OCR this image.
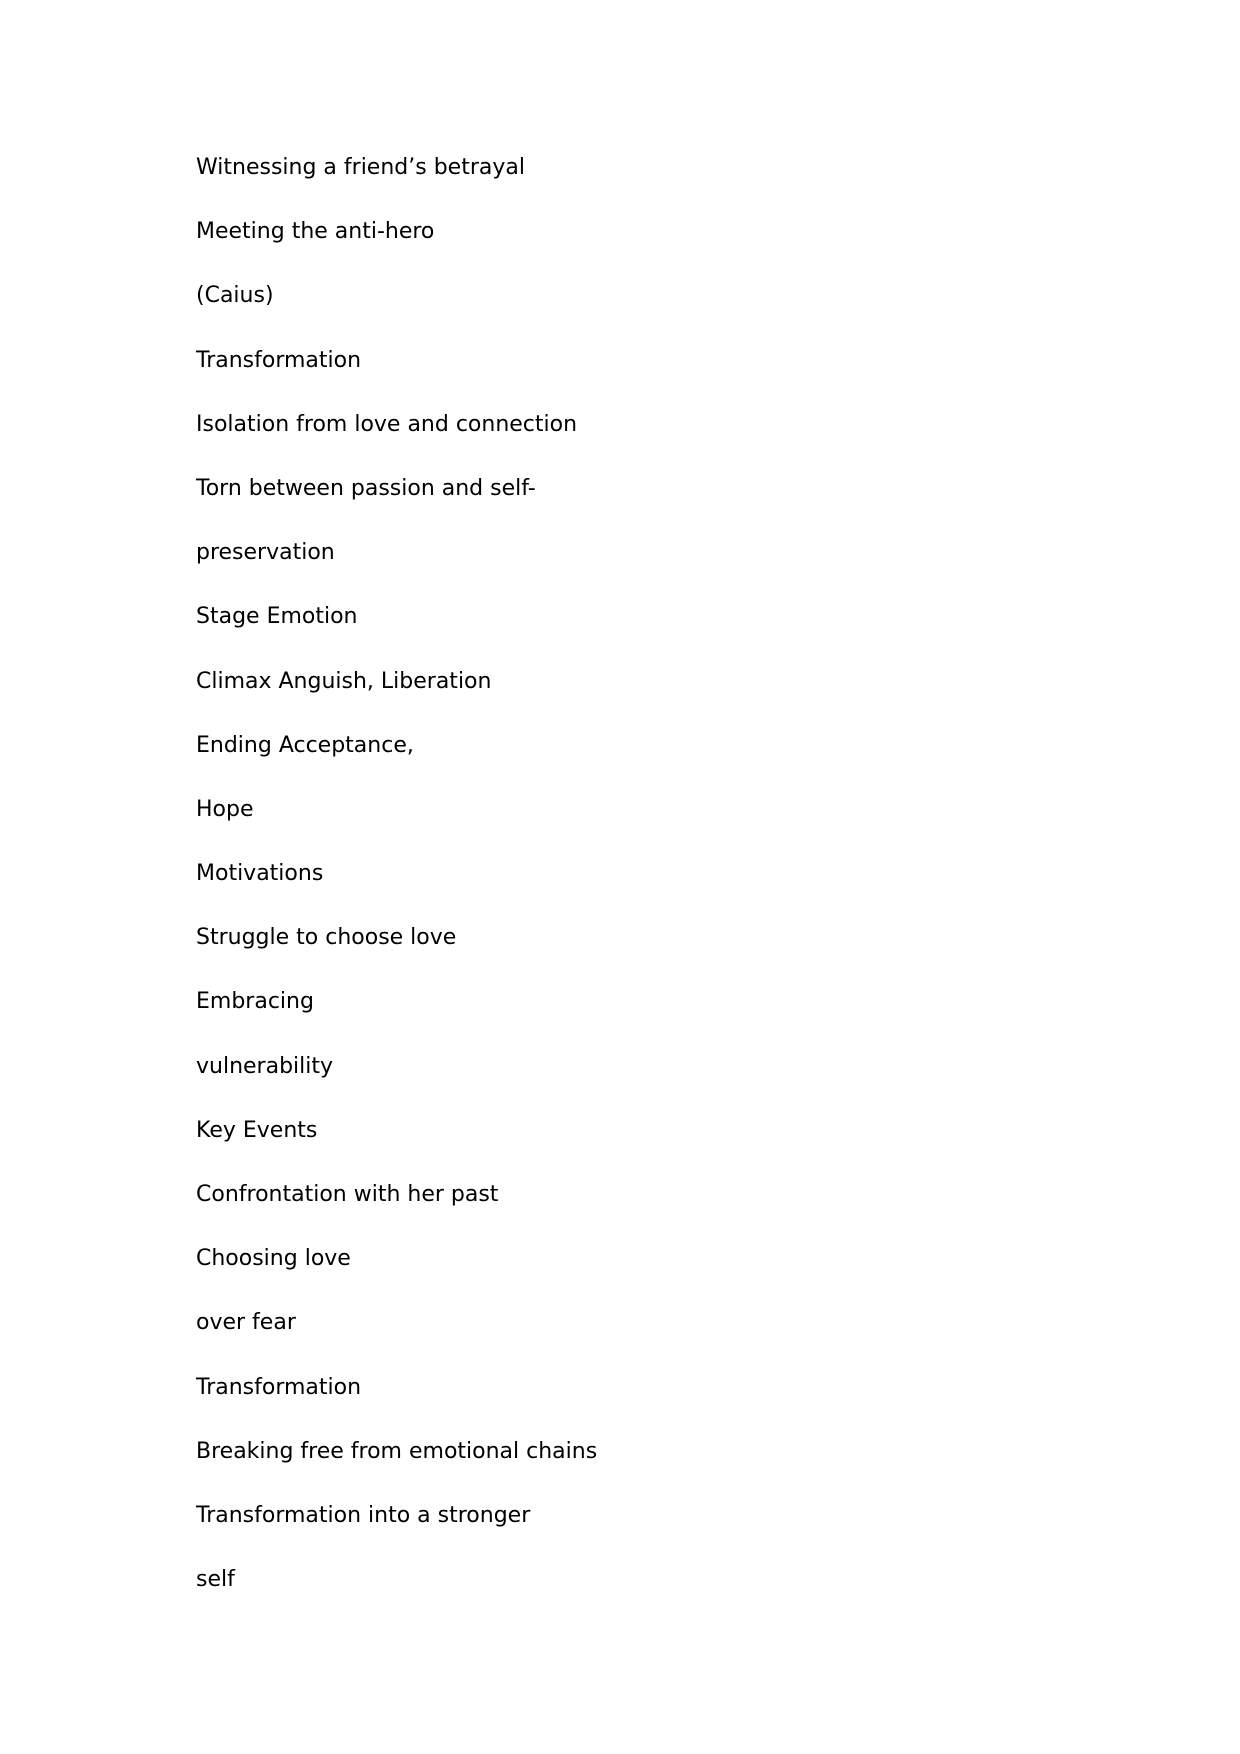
Witnessing a friend’s betrayal
Meeting the anti-hero
(Caius)
Transformation
Isolation from love and connection
Torn between passion and self-
preservation
Stage Emotion
Climax Anguish, Liberation
Ending Acceptance,
Hope
Motivations
Struggle to choose love
Embracing
vulnerability
Key Events
Confrontation with her past
Choosing love
over fear
Transformation
Breaking free from emotional chains
Transformation into a stronger
self
